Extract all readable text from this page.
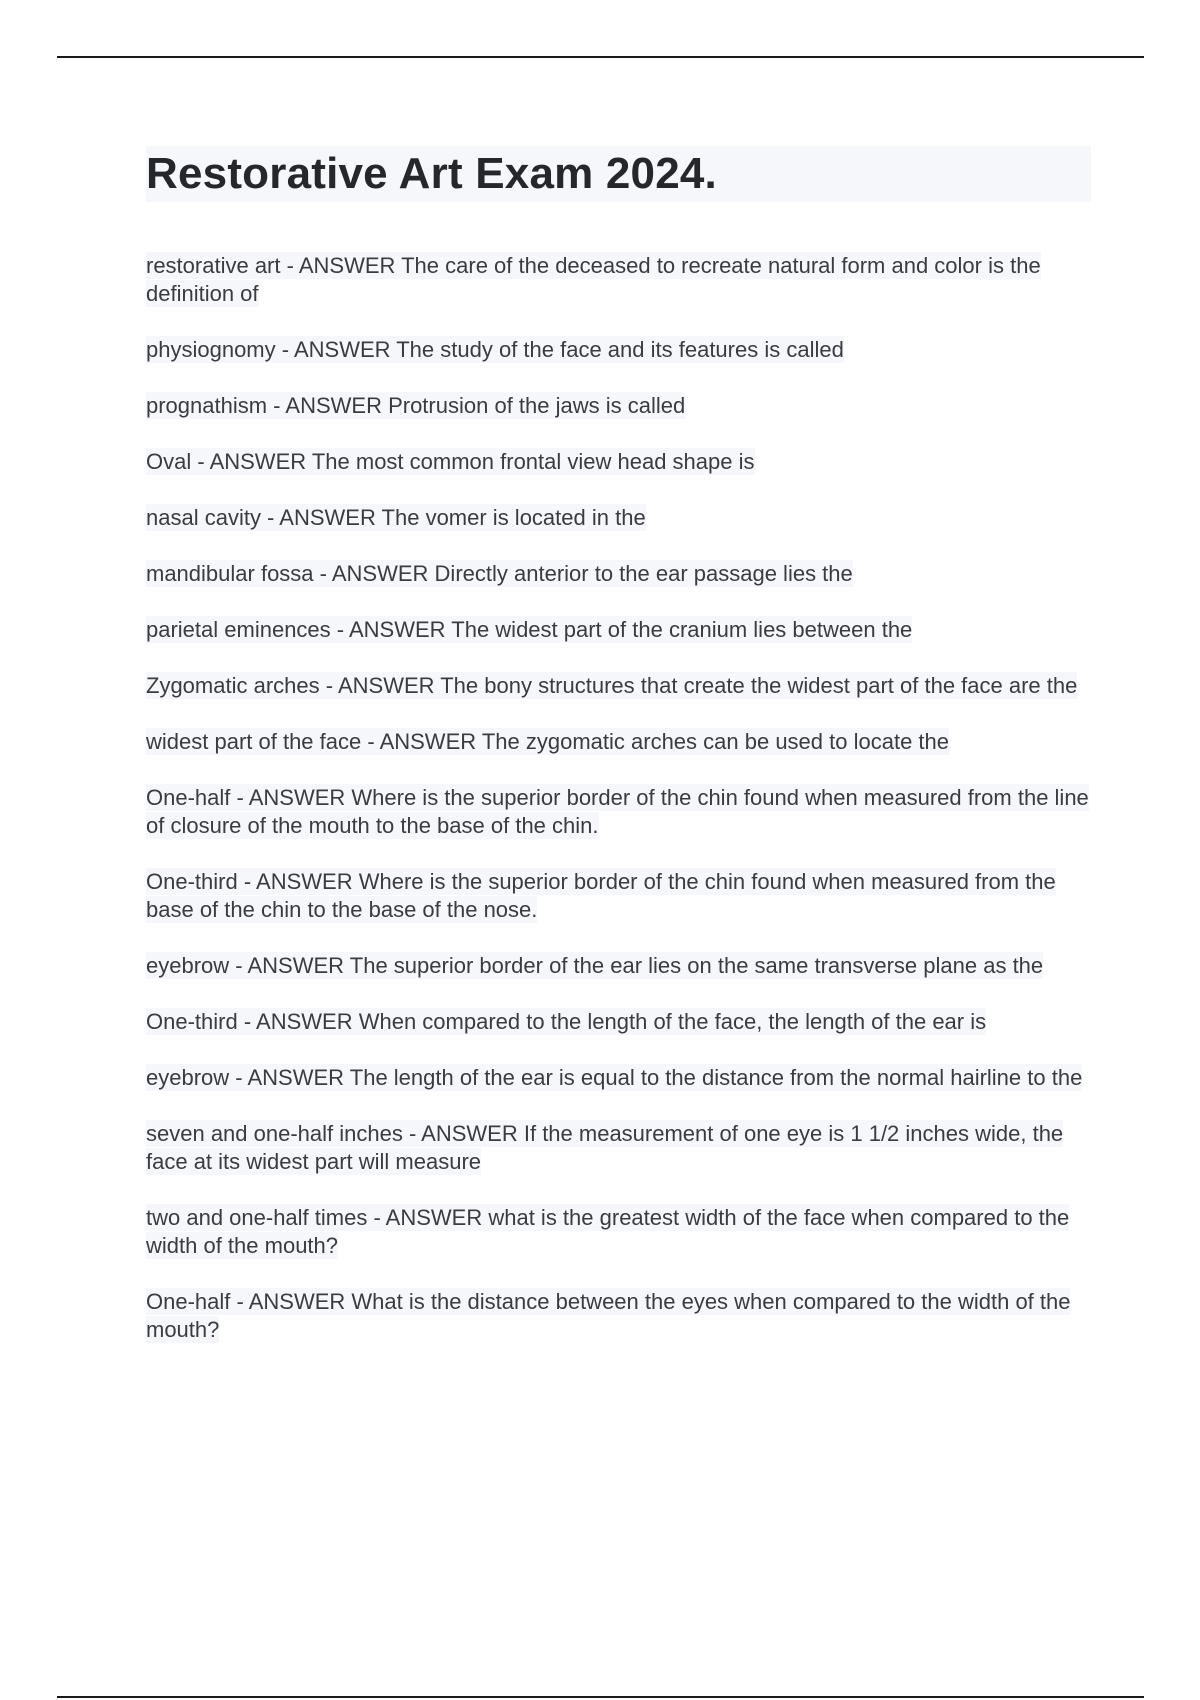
Restorative Art Exam 2024.
restorative art - ANSWER The care of the deceased to recreate natural form and color is the definition of
physiognomy - ANSWER The study of the face and its features is called
prognathism - ANSWER Protrusion of the jaws is called
Oval - ANSWER The most common frontal view head shape is
nasal cavity - ANSWER The vomer is located in the
mandibular fossa - ANSWER Directly anterior to the ear passage lies the
parietal eminences - ANSWER The widest part of the cranium lies between the
Zygomatic arches - ANSWER The bony structures that create the widest part of the face are the
widest part of the face - ANSWER The zygomatic arches can be used to locate the
One-half - ANSWER Where is the superior border of the chin found when measured from the line of closure of the mouth to the base of the chin.
One-third - ANSWER Where is the superior border of the chin found when measured from the base of the chin to the base of the nose.
eyebrow - ANSWER The superior border of the ear lies on the same transverse plane as the
One-third - ANSWER When compared to the length of the face, the length of the ear is
eyebrow - ANSWER The length of the ear is equal to the distance from the normal hairline to the
seven and one-half inches - ANSWER If the measurement of one eye is 1 1/2 inches wide, the face at its widest part will measure
two and one-half times - ANSWER what is the greatest width of the face when compared to the width of the mouth?
One-half - ANSWER What is the distance between the eyes when compared to the width of the mouth?
